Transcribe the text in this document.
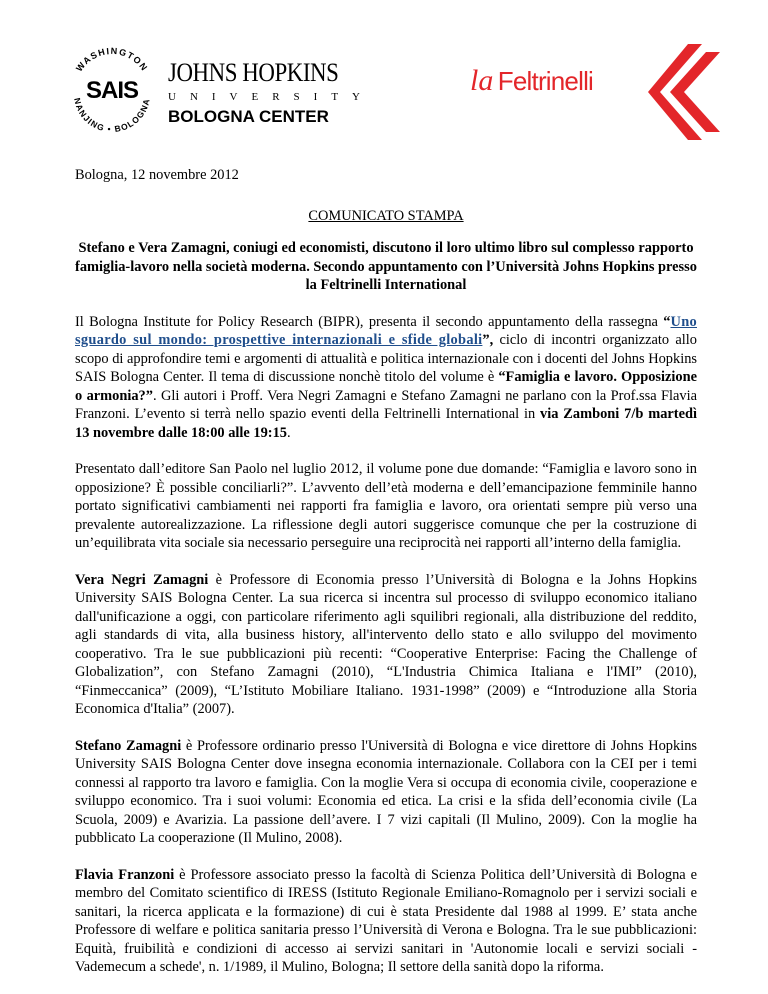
WASHINGTON
NANJING • BOLOGNA
SAIS
JOHNS HOPKINS
UNIVERSITY
BOLOGNA CENTER
la Feltrinelli

Bologna, 12 novembre 2012

COMUNICATO STAMPA

Stefano e Vera Zamagni, coniugi ed economisti, discutono il loro ultimo libro sul complesso rapporto famiglia-lavoro nella società moderna. Secondo appuntamento con l’Università Johns Hopkins presso la Feltrinelli International

Il Bologna Institute for Policy Research (BIPR), presenta il secondo appuntamento della rassegna “Uno sguardo sul mondo: prospettive internazionali e sfide globali”, ciclo di incontri organizzato allo scopo di approfondire temi e argomenti di attualità e politica internazionale con i docenti del Johns Hopkins SAIS Bologna Center. Il tema di discussione nonchè titolo del volume è “Famiglia e lavoro. Opposizione o armonia?”. Gli autori i Proff. Vera Negri Zamagni e Stefano Zamagni ne parlano con la Prof.ssa Flavia Franzoni. L’evento si terrà nello spazio eventi della Feltrinelli International in via Zamboni 7/b martedì 13 novembre dalle 18:00 alle 19:15.

Presentato dall’editore San Paolo nel luglio 2012, il volume pone due domande: “Famiglia e lavoro sono in opposizione? È possible conciliarli?”. L’avvento dell’età moderna e dell’emancipazione femminile hanno portato significativi cambiamenti nei rapporti fra famiglia e lavoro, ora orientati sempre più verso una prevalente autorealizzazione. La riflessione degli autori suggerisce comunque che per la costruzione di un’equilibrata vita sociale sia necessario perseguire una reciprocità nei rapporti all’interno della famiglia.

Vera Negri Zamagni è Professore di Economia presso l’Università di Bologna e la Johns Hopkins University SAIS Bologna Center. La sua ricerca si incentra sul processo di sviluppo economico italiano dall'unificazione a oggi, con particolare riferimento agli squilibri regionali, alla distribuzione del reddito, agli standards di vita, alla business history, all'intervento dello stato e allo sviluppo del movimento cooperativo. Tra le sue pubblicazioni più recenti: “Cooperative Enterprise: Facing the Challenge of Globalization”, con Stefano Zamagni (2010), “L'Industria Chimica Italiana e l'IMI” (2010), “Finmeccanica” (2009), “L’Istituto Mobiliare Italiano. 1931-1998” (2009) e “Introduzione alla Storia Economica d'Italia” (2007).

Stefano Zamagni è Professore ordinario presso l'Università di Bologna e vice direttore di Johns Hopkins University SAIS Bologna Center dove insegna economia internazionale. Collabora con la CEI per i temi connessi al rapporto tra lavoro e famiglia. Con la moglie Vera si occupa di economia civile, cooperazione e sviluppo economico. Tra i suoi volumi: Economia ed etica. La crisi e la sfida dell’economia civile (La Scuola, 2009) e Avarizia. La passione dell’avere. I 7 vizi capitali (Il Mulino, 2009). Con la moglie ha pubblicato La cooperazione (Il Mulino, 2008).

Flavia Franzoni è Professore associato presso la facoltà di Scienza Politica dell’Università di Bologna e membro del Comitato scientifico di IRESS (Istituto Regionale Emiliano-Romagnolo per i servizi sociali e sanitari, la ricerca applicata e la formazione) di cui è stata Presidente dal 1988 al 1999. E’ stata anche Professore di welfare e politica sanitaria presso l’Università di Verona e Bologna. Tra le sue pubblicazioni: Equità, fruibilità e condizioni di accesso ai servizi sanitari in 'Autonomie locali e servizi sociali - Vademecum a schede', n. 1/1989, il Mulino, Bologna; Il settore della sanità dopo la riforma.
